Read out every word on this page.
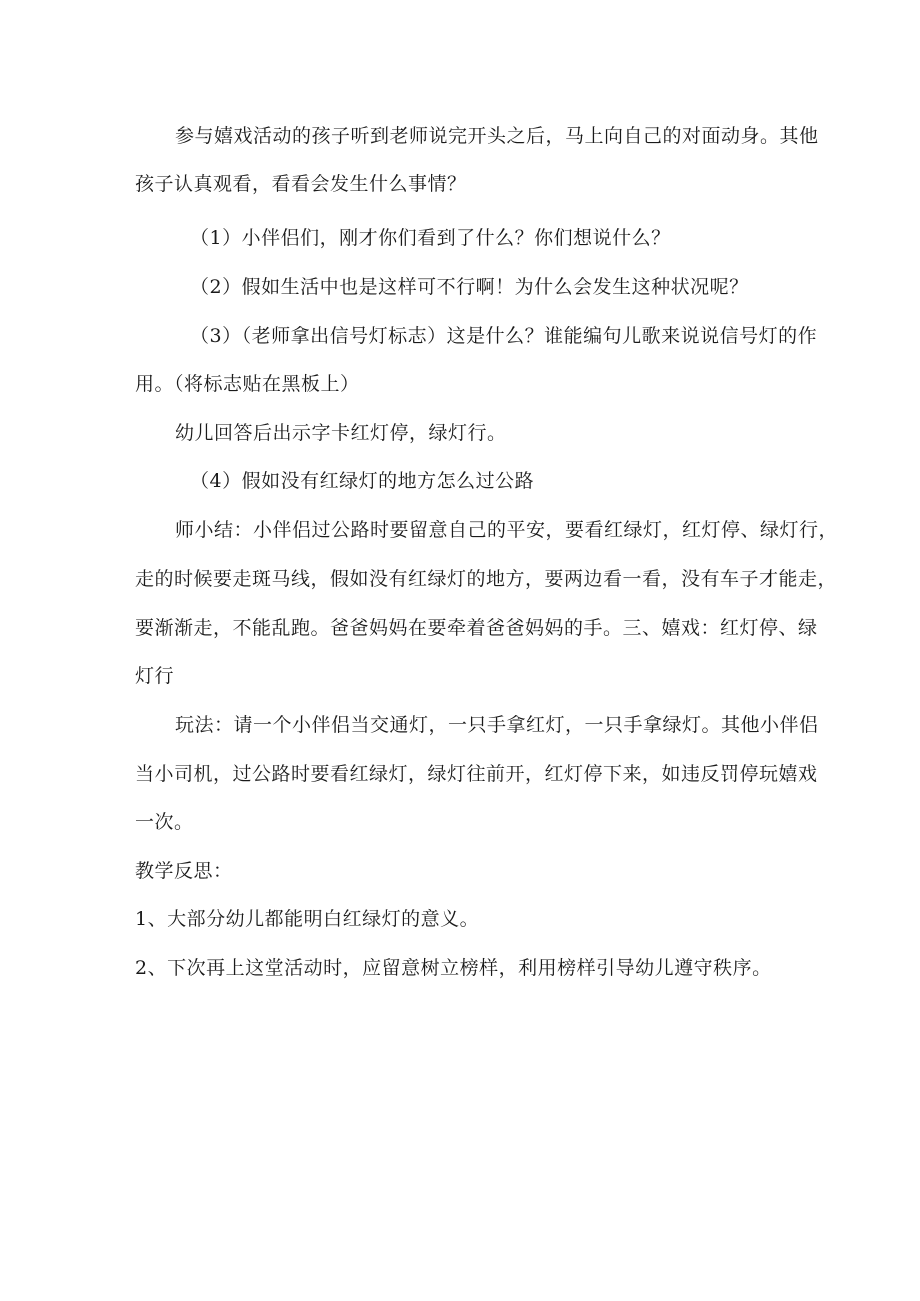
参与嬉戏活动的孩子听到老师说完开头之后，马上向自己的对面动身。其他
孩子认真观看，看看会发生什么事情？
（1）小伴侣们，刚才你们看到了什么？你们想说什么？
（2）假如生活中也是这样可不行啊！为什么会发生这种状况呢？
（3）（老师拿出信号灯标志）这是什么？谁能编句儿歌来说说信号灯的作
用。（将标志贴在黑板上）
幼儿回答后出示字卡红灯停，绿灯行。
（4）假如没有红绿灯的地方怎么过公路
师小结：小伴侣过公路时要留意自己的平安，要看红绿灯，红灯停、绿灯行，
走的时候要走斑马线，假如没有红绿灯的地方，要两边看一看，没有车子才能走，
要渐渐走，不能乱跑。爸爸妈妈在要牵着爸爸妈妈的手。三、嬉戏：红灯停、绿
灯行
玩法：请一个小伴侣当交通灯，一只手拿红灯，一只手拿绿灯。其他小伴侣
当小司机，过公路时要看红绿灯，绿灯往前开，红灯停下来，如违反罚停玩嬉戏
一次。
教学反思：
1、大部分幼儿都能明白红绿灯的意义。
2、下次再上这堂活动时，应留意树立榜样，利用榜样引导幼儿遵守秩序。
